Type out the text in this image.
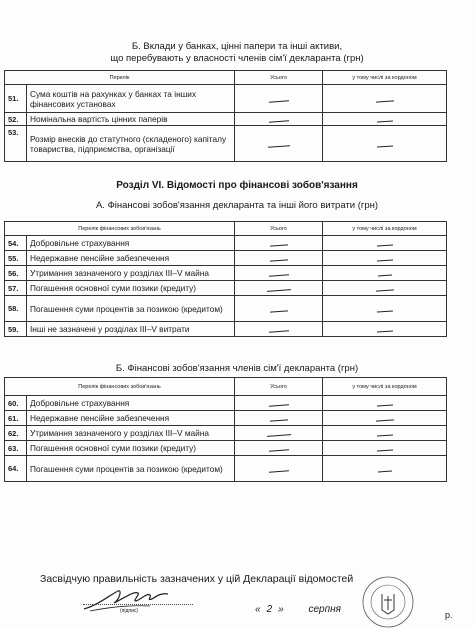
Б. Вклади у банках, цінні папери та інші активи,
що перебувають у власності членів сім'ї декларанта (грн)
Перелік		Усього	у тому числі за кордоном
51.	Сума коштів на рахунках у банках та інших фінансових установах		
52.	Номінальна вартість цінних паперів		
53.	Розмір внесків до статутного (складеного) капіталу товариства, підприємства, організації		
Розділ VI. Відомості про фінансові зобов'язання
А. Фінансові зобов'язання декларанта та інші його витрати (грн)
Перелік фінансових зобов'язань		Усього	у тому числі за кордоном
54.	Добровільне страхування		
55.	Недержавне пенсійне забезпечення		
56.	Утримання зазначеного у розділах III–V майна		
57.	Погашення основної суми позики (кредиту)		
58.	Погашення суми процентів за позикою (кредитом)		
59.	Інші не зазначені у розділах III–V витрати		
Б. Фінансові зобов'язання членів сім'ї декларанта (грн)
Перелік фінансових зобов'язань		Усього	у тому числі за кордоном
60.	Добровільне страхування		
61.	Недержавне пенсійне забезпечення		
62.	Утримання зазначеного у розділах III–V майна		
63.	Погашення основної суми позики (кредиту)		
64.	Погашення суми процентів за позикою (кредитом)		
Засвідчую правильність зазначених у цій Декларації відомостей
(підпис)	« 2 » серпня	р.
